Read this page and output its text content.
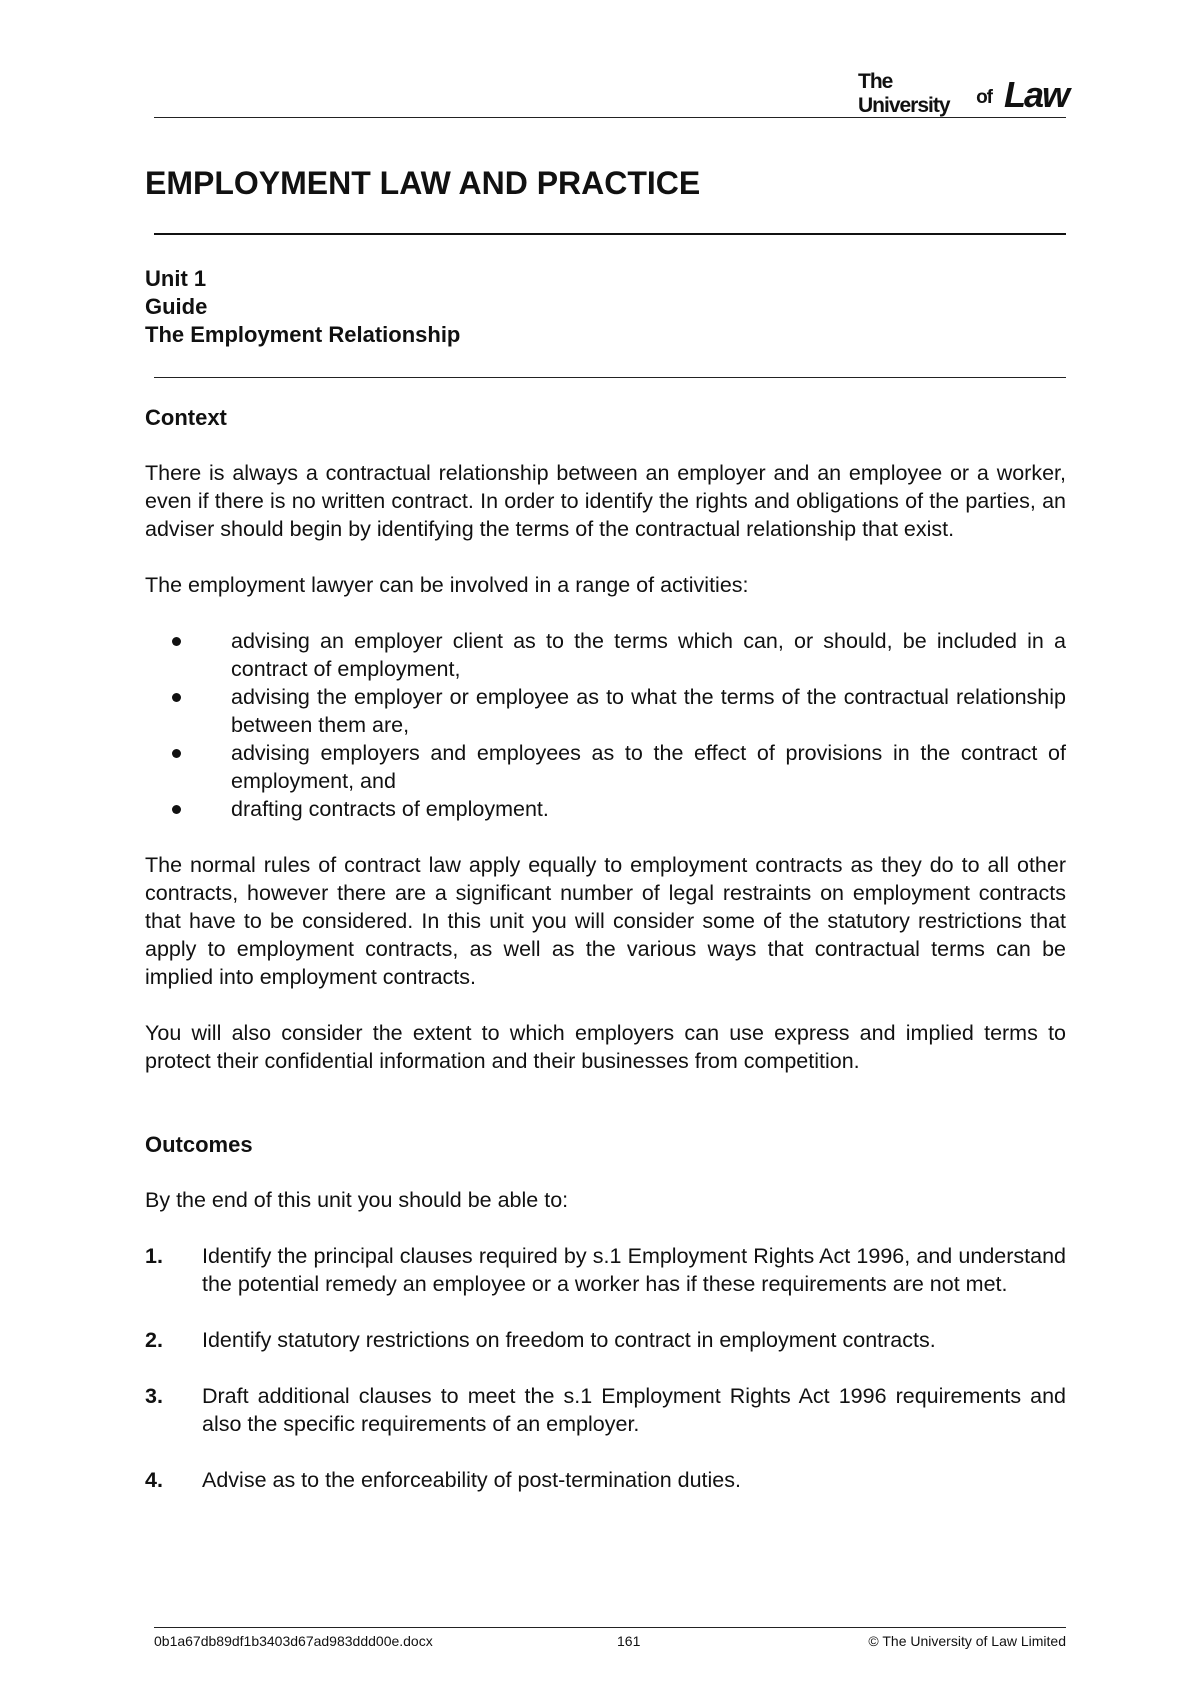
The University	of Law
EMPLOYMENT LAW AND PRACTICE
Unit 1
Guide
The Employment Relationship
Context

There is always a contractual relationship between an employer and an employee or a worker, even if there is no written contract. In order to identify the rights and obligations of the parties, an adviser should begin by identifying the terms of the contractual relationship that exist.

The employment lawyer can be involved in a range of activities:

advising an employer client as to the terms which can, or should, be included in a contract of employment,
advising the employer or employee as to what the terms of the contractual relationship between them are,
advising employers and employees as to the effect of provisions in the contract of employment, and
drafting contracts of employment.

The normal rules of contract law apply equally to employment contracts as they do to all other contracts, however there are a significant number of legal restraints on employment contracts that have to be considered. In this unit you will consider some of the statutory restrictions that apply to employment contracts, as well as the various ways that contractual terms can be implied into employment contracts.

You will also consider the extent to which employers can use express and implied terms to protect their confidential information and their businesses from competition.

Outcomes

By the end of this unit you should be able to:

1. Identify the principal clauses required by s.1 Employment Rights Act 1996, and understand the potential remedy an employee or a worker has if these requirements are not met.
2. Identify statutory restrictions on freedom to contract in employment contracts.
3. Draft additional clauses to meet the s.1 Employment Rights Act 1996 requirements and also the specific requirements of an employer.
4. Advise as to the enforceability of post-termination duties.
0b1a67db89df1b3403d67ad983ddd00e.docx	161	© The University of Law Limited
